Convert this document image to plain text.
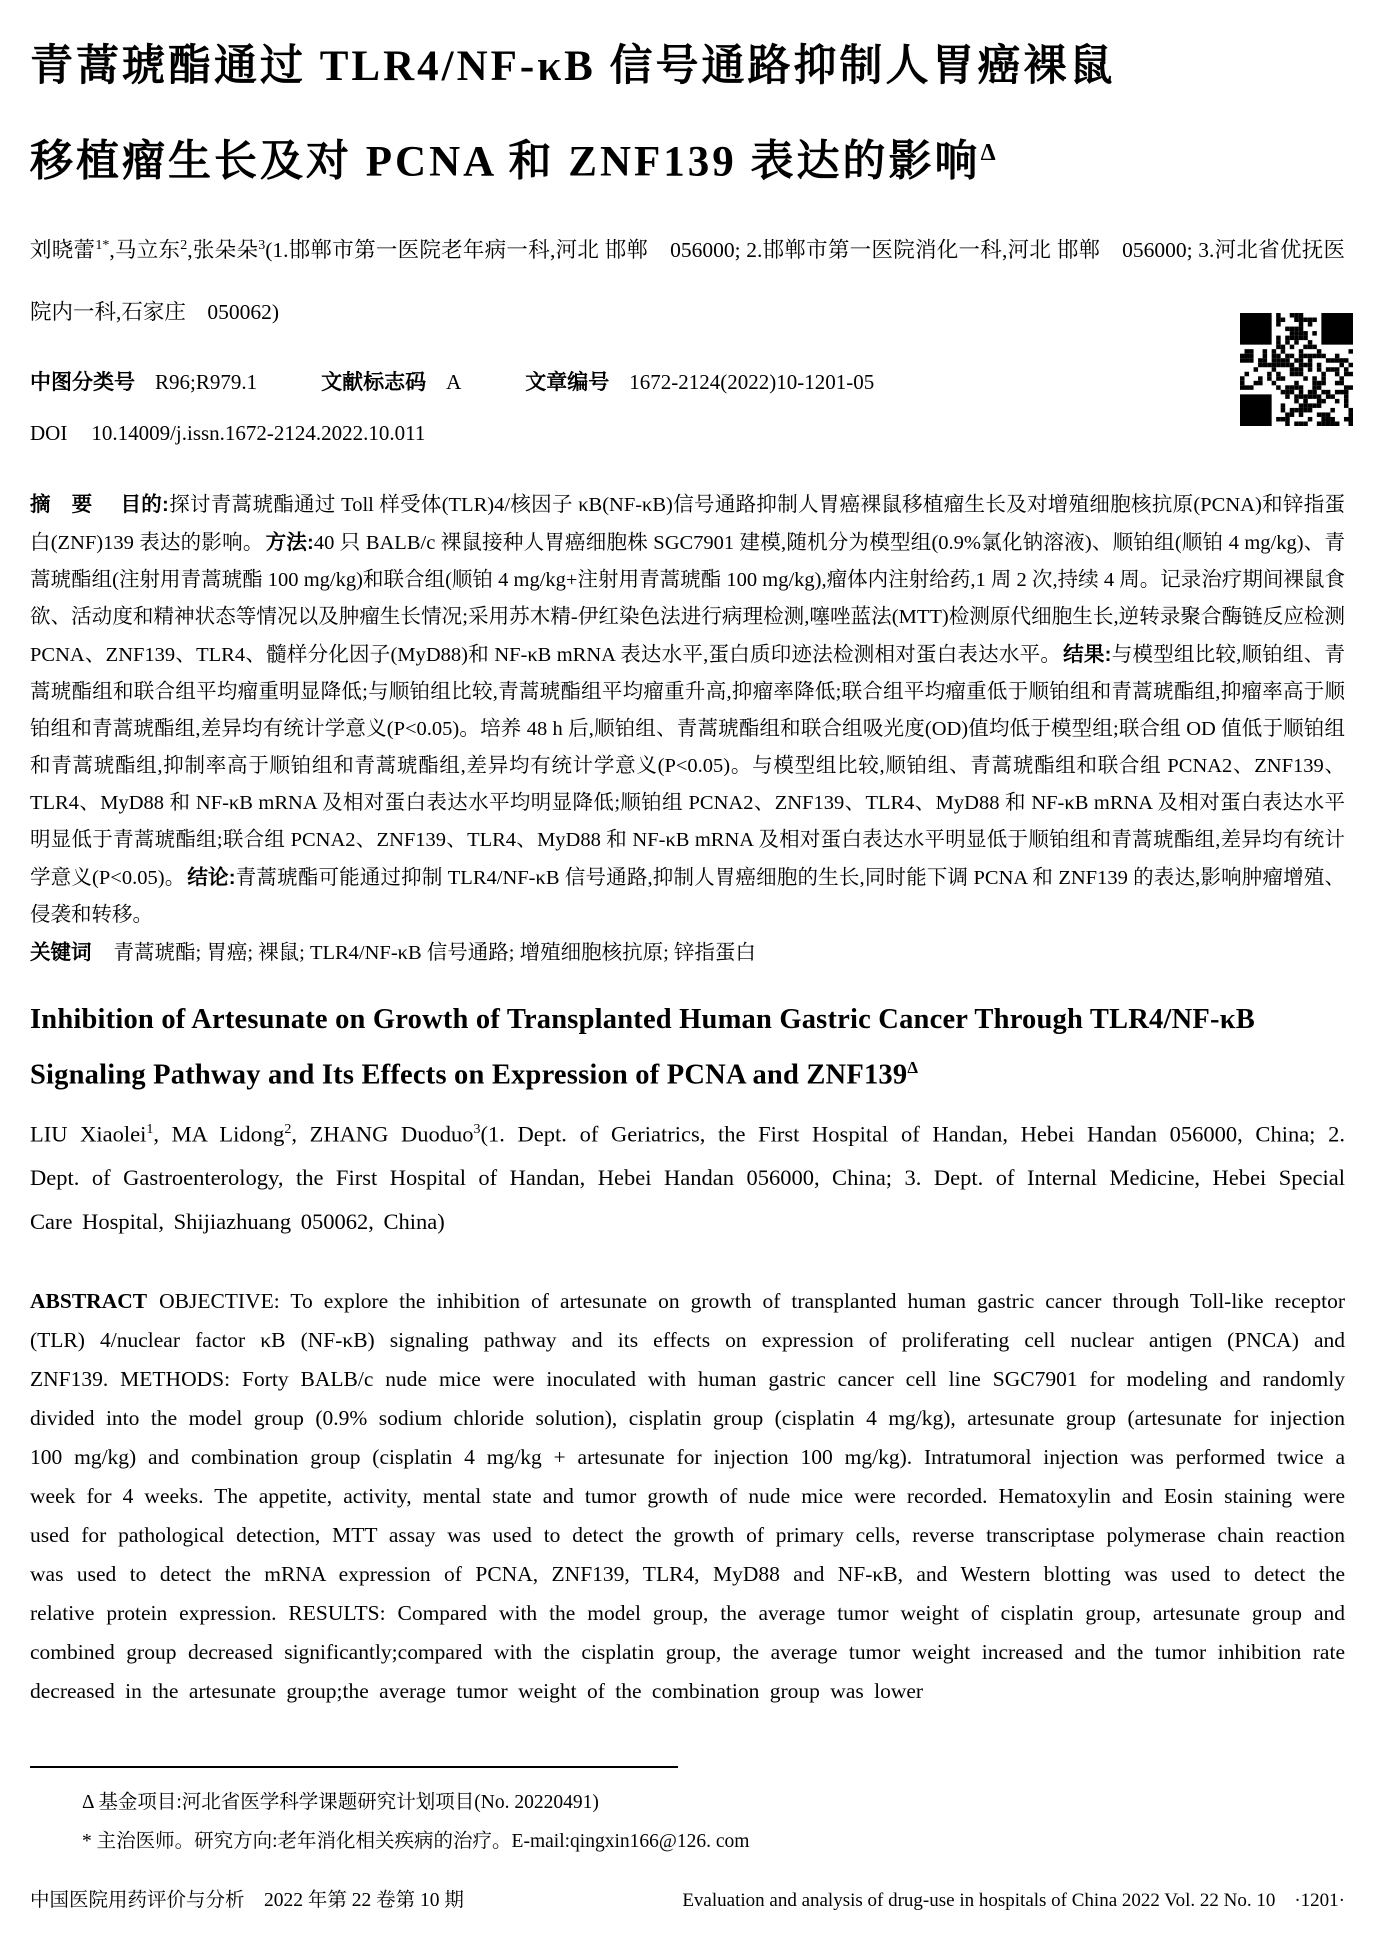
青蒿琥酯通过 TLR4/NF-κB 信号通路抑制人胃癌裸鼠
移植瘤生长及对 PCNA 和 ZNF139 表达的影响$^\Delta$

刘晓蕾$^{1*}$,马立东$^2$,张朵朵$^3$(1.邯郸市第一医院老年病一科,河北 邯郸　056000; 2.邯郸市第一医院消化一科,河北 邯郸　056000; 3.河北省优抚医院内一科,石家庄　050062)

中图分类号 R96;R979.1	文献标志码 A	文章编号 1672-2124(2022)10-1201-05
DOI 10.14009/j.issn.1672-2124.2022.10.011

摘　要 目的:探讨青蒿琥酯通过 Toll 样受体(TLR)4/核因子 κB(NF-κB)信号通路抑制人胃癌裸鼠移植瘤生长及对增殖细胞核抗原(PCNA)和锌指蛋白(ZNF)139 表达的影响。方法:40 只 BALB/c 裸鼠接种人胃癌细胞株 SGC7901 建模,随机分为模型组(0.9%氯化钠溶液)、顺铂组(顺铂 4 mg/kg)、青蒿琥酯组(注射用青蒿琥酯 100 mg/kg)和联合组(顺铂 4 mg/kg+注射用青蒿琥酯 100 mg/kg),瘤体内注射给药,1 周 2 次,持续 4 周。记录治疗期间裸鼠食欲、活动度和精神状态等情况以及肿瘤生长情况;采用苏木精-伊红染色法进行病理检测,噻唑蓝法(MTT)检测原代细胞生长,逆转录聚合酶链反应检测 PCNA、ZNF139、TLR4、髓样分化因子(MyD88)和 NF-κB mRNA 表达水平,蛋白质印迹法检测相对蛋白表达水平。结果:与模型组比较,顺铂组、青蒿琥酯组和联合组平均瘤重明显降低;与顺铂组比较,青蒿琥酯组平均瘤重升高,抑瘤率降低;联合组平均瘤重低于顺铂组和青蒿琥酯组,抑瘤率高于顺铂组和青蒿琥酯组,差异均有统计学意义(P<0.05)。培养 48 h 后,顺铂组、青蒿琥酯组和联合组吸光度(OD)值均低于模型组;联合组 OD 值低于顺铂组和青蒿琥酯组,抑制率高于顺铂组和青蒿琥酯组,差异均有统计学意义(P<0.05)。与模型组比较,顺铂组、青蒿琥酯组和联合组 PCNA2、ZNF139、TLR4、MyD88 和 NF-κB mRNA 及相对蛋白表达水平均明显降低;顺铂组 PCNA2、ZNF139、TLR4、MyD88 和 NF-κB mRNA 及相对蛋白表达水平明显低于青蒿琥酯组;联合组 PCNA2、ZNF139、TLR4、MyD88 和 NF-κB mRNA 及相对蛋白表达水平明显低于顺铂组和青蒿琥酯组,差异均有统计学意义(P<0.05)。结论:青蒿琥酯可能通过抑制 TLR4/NF-κB 信号通路,抑制人胃癌细胞的生长,同时能下调 PCNA 和 ZNF139 的表达,影响肿瘤增殖、侵袭和转移。

关键词 青蒿琥酯; 胃癌; 裸鼠; TLR4/NF-κB 信号通路; 增殖细胞核抗原; 锌指蛋白

Inhibition of Artesunate on Growth of Transplanted Human Gastric Cancer Through TLR4/NF-κB Signaling Pathway and Its Effects on Expression of PCNA and $ZNF139^\Delta$

LIU Xiaolei$^1$, MA Lidong$^2$, ZHANG Duoduo$^3$(1. Dept. of Geriatrics, the First Hospital of Handan, Hebei Handan 056000, China; 2. Dept. of Gastroenterology, the First Hospital of Handan, Hebei Handan 056000, China; 3. Dept. of Internal Medicine, Hebei Special Care Hospital, Shijiazhuang 050062, China)

ABSTRACT OBJECTIVE: To explore the inhibition of artesunate on growth of transplanted human gastric cancer through Toll-like receptor (TLR) 4/nuclear factor κB (NF-κB) signaling pathway and its effects on expression of proliferating cell nuclear antigen (PNCA) and ZNF139. METHODS: Forty BALB/c nude mice were inoculated with human gastric cancer cell line SGC7901 for modeling and randomly divided into the model group (0.9% sodium chloride solution), cisplatin group (cisplatin 4 mg/kg), artesunate group (artesunate for injection 100 mg/kg) and combination group (cisplatin 4 mg/kg + artesunate for injection 100 mg/kg). Intratumoral injection was performed twice a week for 4 weeks. The appetite, activity, mental state and tumor growth of nude mice were recorded. Hematoxylin and Eosin staining were used for pathological detection, MTT assay was used to detect the growth of primary cells, reverse transcriptase polymerase chain reaction was used to detect the mRNA expression of PCNA, ZNF139, TLR4, MyD88 and NF-κB, and Western blotting was used to detect the relative protein expression. RESULTS: Compared with the model group, the average tumor weight of cisplatin group, artesunate group and combined group decreased significantly;compared with the cisplatin group, the average tumor weight increased and the tumor inhibition rate decreased in the artesunate group;the average tumor weight of the combination group was lower

Δ 基金项目:河北省医学科学课题研究计划项目(No. 20220491)

* 主治医师。研究方向:老年消化相关疾病的治疗。E-mail:qingxin166@126. com

中国医院用药评价与分析　2022 年第 22 卷第 10 期	Evaluation and analysis of drug-use in hospitals of China 2022 Vol. 22 No. 10　 ·1201·
